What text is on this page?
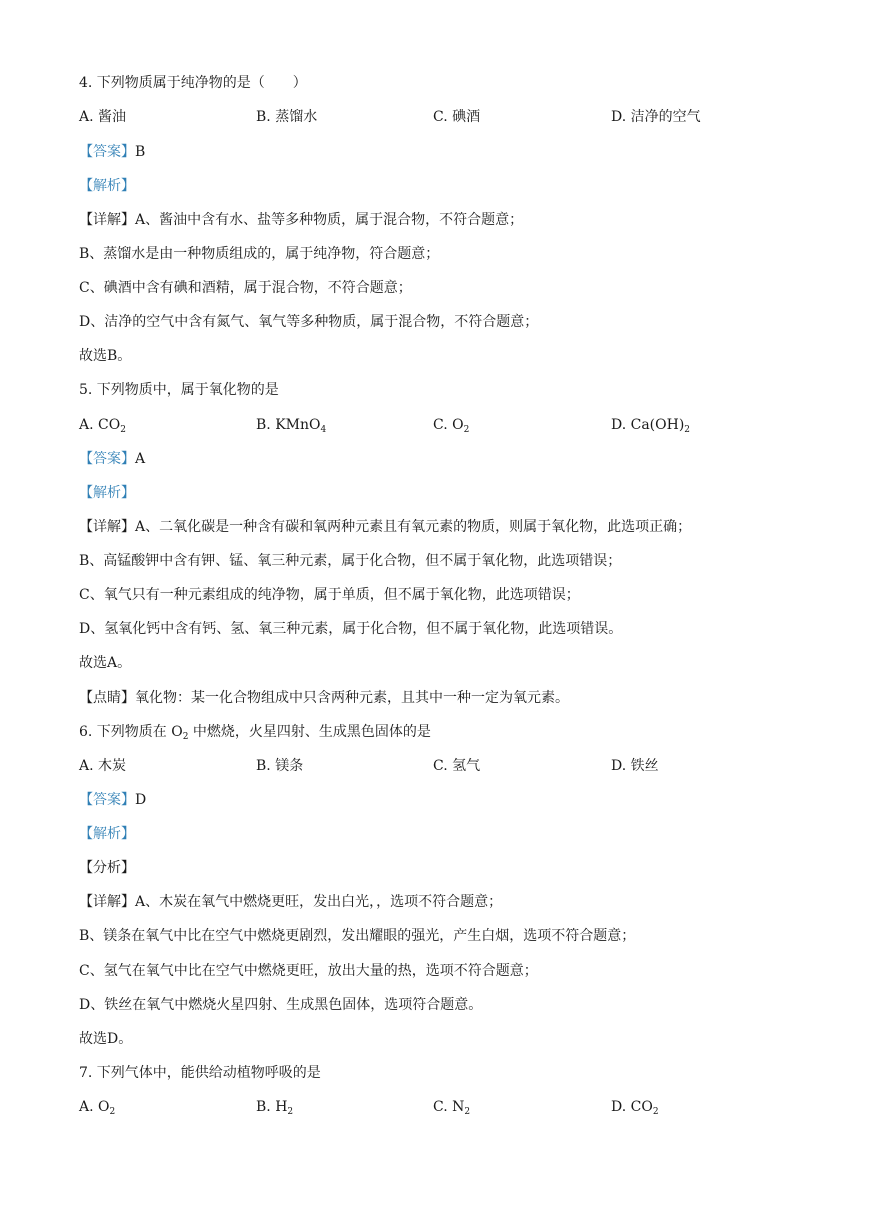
4. 下列物质属于纯净物的是（　　）
A. 酱油	B. 蒸馏水	C. 碘酒	D. 洁净的空气
【答案】B
【解析】
【详解】A、酱油中含有水、盐等多种物质，属于混合物，不符合题意；
B、蒸馏水是由一种物质组成的，属于纯净物，符合题意；
C、碘酒中含有碘和酒精，属于混合物，不符合题意；
D、洁净的空气中含有氮气、氧气等多种物质，属于混合物，不符合题意；
故选B。
5. 下列物质中，属于氧化物的是
A. $CO_2$	B. KMnO$_4$	C. $O_2$	D. $Ca(OH)_2$
【答案】A
【解析】
【详解】A、二氧化碳是一种含有碳和氧两种元素且有氧元素的物质，则属于氧化物，此选项正确；
B、高锰酸钾中含有钾、锰、氧三种元素，属于化合物，但不属于氧化物，此选项错误；
C、氧气只有一种元素组成的纯净物，属于单质，但不属于氧化物，此选项错误；
D、氢氧化钙中含有钙、氢、氧三种元素，属于化合物，但不属于氧化物，此选项错误。
故选A。
【点睛】氧化物：某一化合物组成中只含两种元素，且其中一种一定为氧元素。
6. 下列物质在 $O_2$ 中燃烧，火星四射、生成黑色固体的是
A. 木炭	B. 镁条	C. 氢气	D. 铁丝
【答案】D
【解析】
【分析】
【详解】A、木炭在氧气中燃烧更旺，发出白光，，选项不符合题意；
B、镁条在氧气中比在空气中燃烧更剧烈，发出耀眼的强光，产生白烟，选项不符合题意；
C、氢气在氧气中比在空气中燃烧更旺，放出大量的热，选项不符合题意；
D、铁丝在氧气中燃烧火星四射、生成黑色固体，选项符合题意。
故选D。
7. 下列气体中，能供给动植物呼吸的是
A. $O_2$	B. $H_2$	C. $N_2$	D. $CO_2$
